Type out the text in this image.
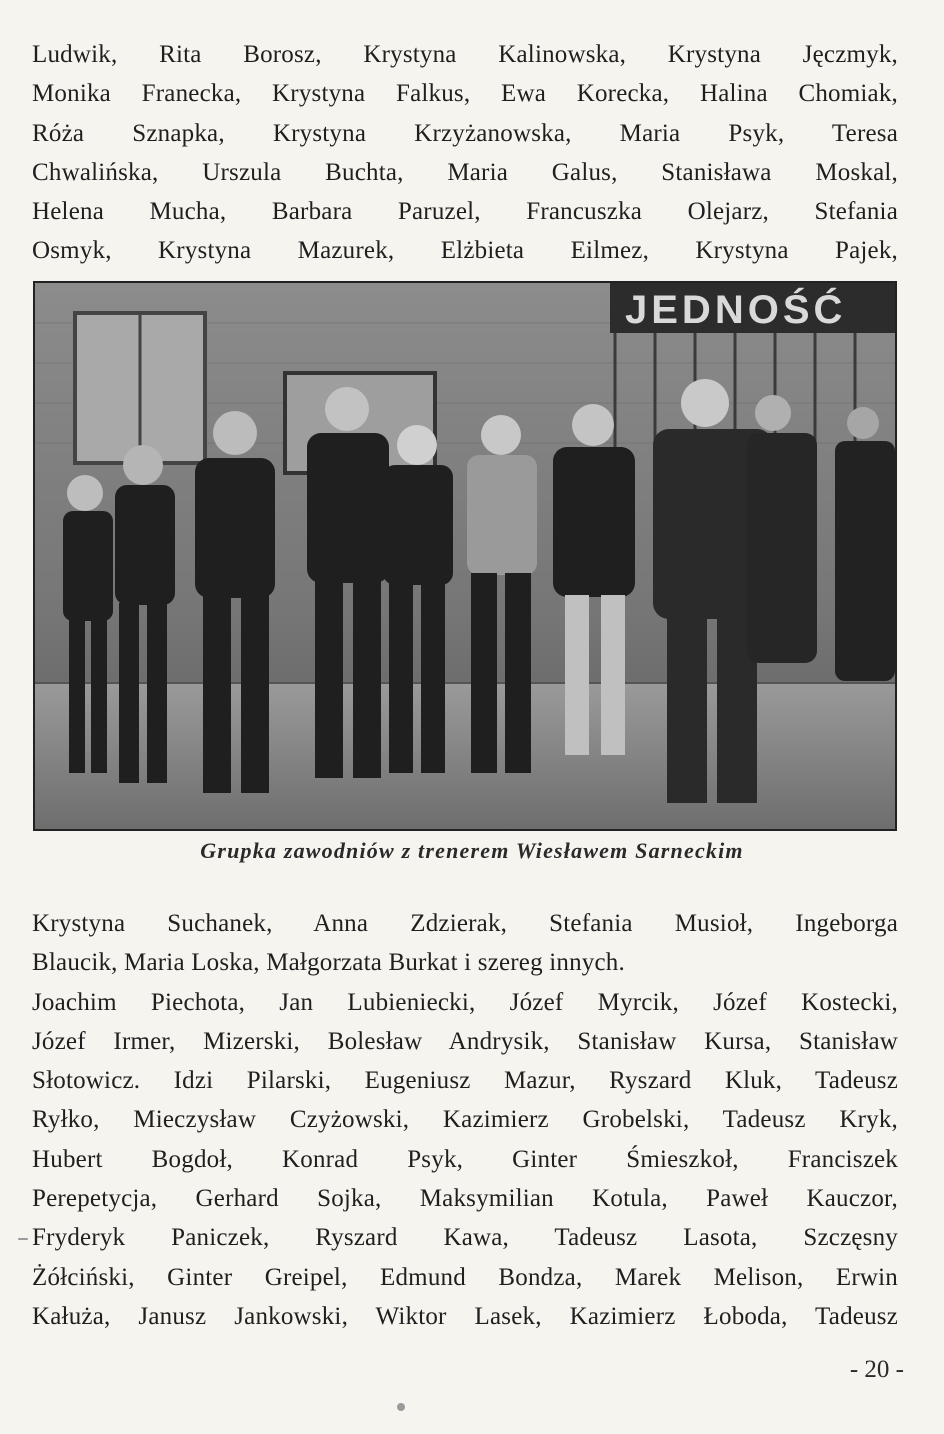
Ludwik, Rita Borosz, Krystyna Kalinowska, Krystyna Jęczmyk,
Monika Franecka, Krystyna Falkus, Ewa Korecka, Halina Chomiak,
Róża Sznapka, Krystyna Krzyżanowska, Maria Psyk, Teresa
Chwalińska, Urszula Buchta, Maria Galus, Stanisława Moskal,
Helena Mucha, Barbara Paruzel, Francuszka Olejarz, Stefania
Osmyk, Krystyna Mazurek, Elżbieta Eilmez, Krystyna Pajek,
JEDNOŚĆ
Grupka zawodniów z trenerem Wiesławem Sarneckim
Krystyna Suchanek, Anna Zdzierak, Stefania Musioł, Ingeborga
Blaucik, Maria Loska, Małgorzata Burkat i szereg innych.
Joachim Piechota, Jan Lubieniecki, Józef Myrcik, Józef Kostecki,
Józef Irmer, Mizerski, Bolesław Andrysik, Stanisław Kursa, Stanisław
Słotowicz. Idzi Pilarski, Eugeniusz Mazur, Ryszard Kluk, Tadeusz
Ryłko, Mieczysław Czyżowski, Kazimierz Grobelski, Tadeusz Kryk,
Hubert Bogdoł, Konrad Psyk, Ginter Śmieszkoł, Franciszek
Perepetycja, Gerhard Sojka, Maksymilian Kotula, Paweł Kauczor,
Fryderyk Paniczek, Ryszard Kawa, Tadeusz Lasota, Szczęsny
Żółciński, Ginter Greipel, Edmund Bondza, Marek Melison, Erwin
Kałuża, Janusz Jankowski, Wiktor Lasek, Kazimierz Łoboda, Tadeusz
- 20 -
